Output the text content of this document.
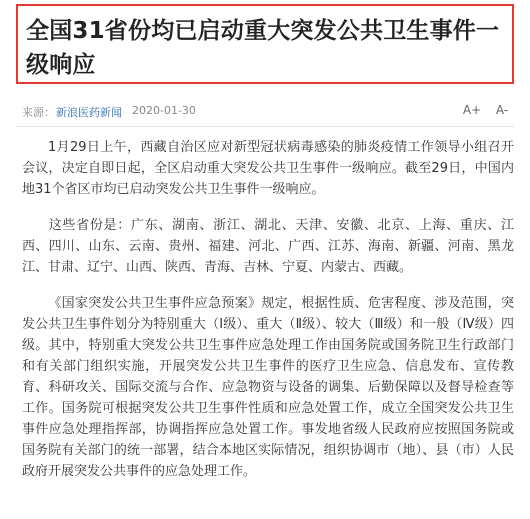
全国31省份均已启动重大突发公共卫生事件一级响应
来源： 新浪医药新闻 2020-01-30	A+	A-

1月29日上午，西藏自治区应对新型冠状病毒感染的肺炎疫情工作领导小组召开会议，决定自即日起，全区启动重大突发公共卫生事件一级响应。截至29日，中国内地31个省区市均已启动突发公共卫生事件一级响应。

这些省份是：广东、湖南、浙江、湖北、天津、安徽、北京、上海、重庆、江西、四川、山东、云南、贵州、福建、河北、广西、江苏、海南、新疆、河南、黑龙江、甘肃、辽宁、山西、陕西、青海、吉林、宁夏、内蒙古、西藏。

《国家突发公共卫生事件应急预案》规定，根据性质、危害程度、涉及范围，突发公共卫生事件划分为特别重大（Ⅰ级）、重大（Ⅱ级）、较大（Ⅲ级）和一般（Ⅳ级）四级。其中，特别重大突发公共卫生事件应急处理工作由国务院或国务院卫生行政部门和有关部门组织实施，开展突发公共卫生事件的医疗卫生应急、信息发布、宣传教育、科研攻关、国际交流与合作、应急物资与设备的调集、后勤保障以及督导检查等工作。国务院可根据突发公共卫生事件性质和应急处置工作，成立全国突发公共卫生事件应急处理指挥部，协调指挥应急处置工作。事发地省级人民政府应按照国务院或国务院有关部门的统一部署，结合本地区实际情况，组织协调市（地）、县（市）人民政府开展突发公共事件的应急处理工作。
